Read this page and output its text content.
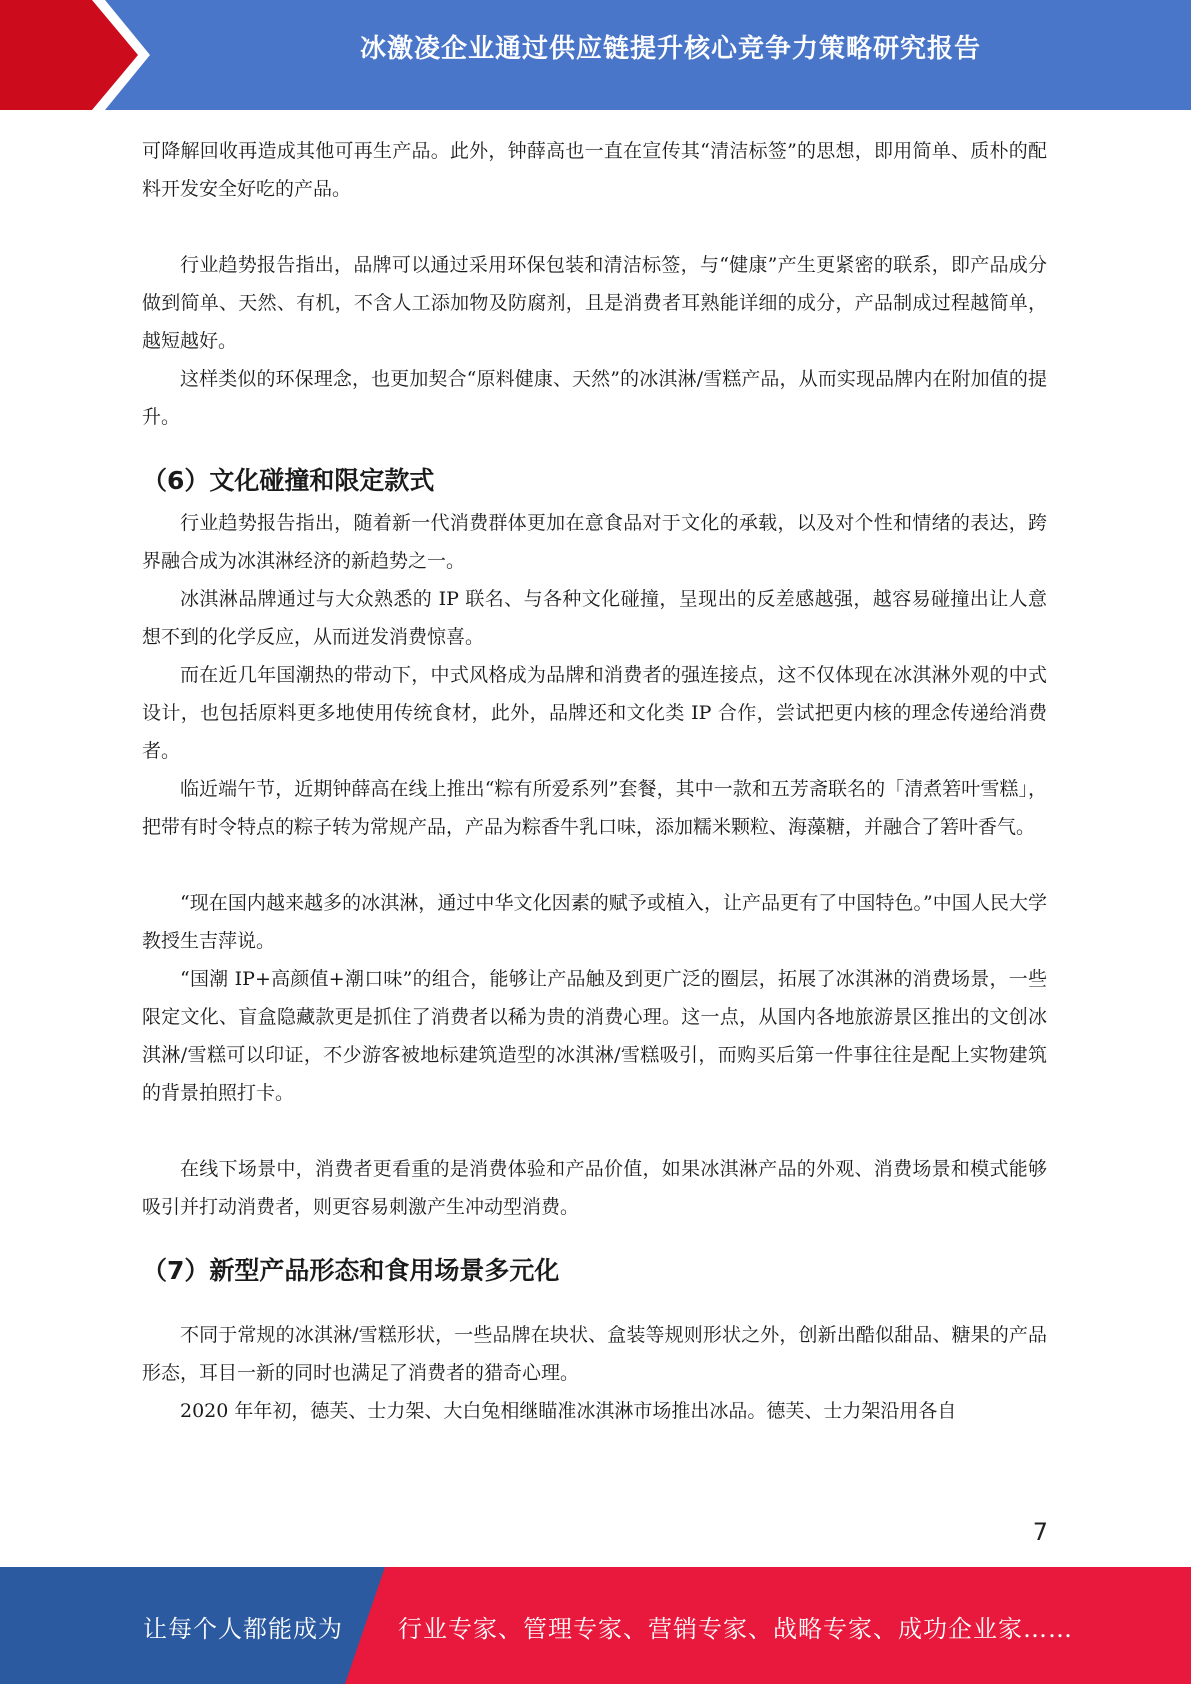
冰激凌企业通过供应链提升核心竞争力策略研究报告

可降解回收再造成其他可再生产品。此外，钟薛高也一直在宣传其“清洁标签”的思想，即用简单、质朴的配料开发安全好吃的产品。

行业趋势报告指出，品牌可以通过采用环保包装和清洁标签，与“健康”产生更紧密的联系，即产品成分做到简单、天然、有机，不含人工添加物及防腐剂，且是消费者耳熟能详细的成分，产品制成过程越简单，越短越好。

这样类似的环保理念，也更加契合“原料健康、天然”的冰淇淋/雪糕产品，从而实现品牌内在附加值的提升。

（6）文化碰撞和限定款式

行业趋势报告指出，随着新一代消费群体更加在意食品对于文化的承载，以及对个性和情绪的表达，跨界融合成为冰淇淋经济的新趋势之一。

冰淇淋品牌通过与大众熟悉的 IP 联名、与各种文化碰撞，呈现出的反差感越强，越容易碰撞出让人意想不到的化学反应，从而迸发消费惊喜。

而在近几年国潮热的带动下，中式风格成为品牌和消费者的强连接点，这不仅体现在冰淇淋外观的中式设计，也包括原料更多地使用传统食材，此外，品牌还和文化类 IP 合作，尝试把更内核的理念传递给消费者。

临近端午节，近期钟薛高在线上推出“粽有所爱系列”套餐，其中一款和五芳斋联名的「清煮箬叶雪糕」，把带有时令特点的粽子转为常规产品，产品为粽香牛乳口味，添加糯米颗粒、海藻糖，并融合了箬叶香气。

“现在国内越来越多的冰淇淋，通过中华文化因素的赋予或植入，让产品更有了中国特色。”中国人民大学教授生吉萍说。

“国潮 IP+高颜值+潮口味”的组合，能够让产品触及到更广泛的圈层，拓展了冰淇淋的消费场景，一些限定文化、盲盒隐藏款更是抓住了消费者以稀为贵的消费心理。这一点，从国内各地旅游景区推出的文创冰淇淋/雪糕可以印证，不少游客被地标建筑造型的冰淇淋/雪糕吸引，而购买后第一件事往往是配上实物建筑的背景拍照打卡。

在线下场景中，消费者更看重的是消费体验和产品价值，如果冰淇淋产品的外观、消费场景和模式能够吸引并打动消费者，则更容易刺激产生冲动型消费。

（7）新型产品形态和食用场景多元化

不同于常规的冰淇淋/雪糕形状，一些品牌在块状、盒装等规则形状之外，创新出酷似甜品、糖果的产品形态，耳目一新的同时也满足了消费者的猎奇心理。

2020 年年初，德芙、士力架、大白兔相继瞄准冰淇淋市场推出冰品。德芙、士力架沿用各自

7
让每个人都能成为 行业专家、管理专家、营销专家、战略专家、成功企业家……
